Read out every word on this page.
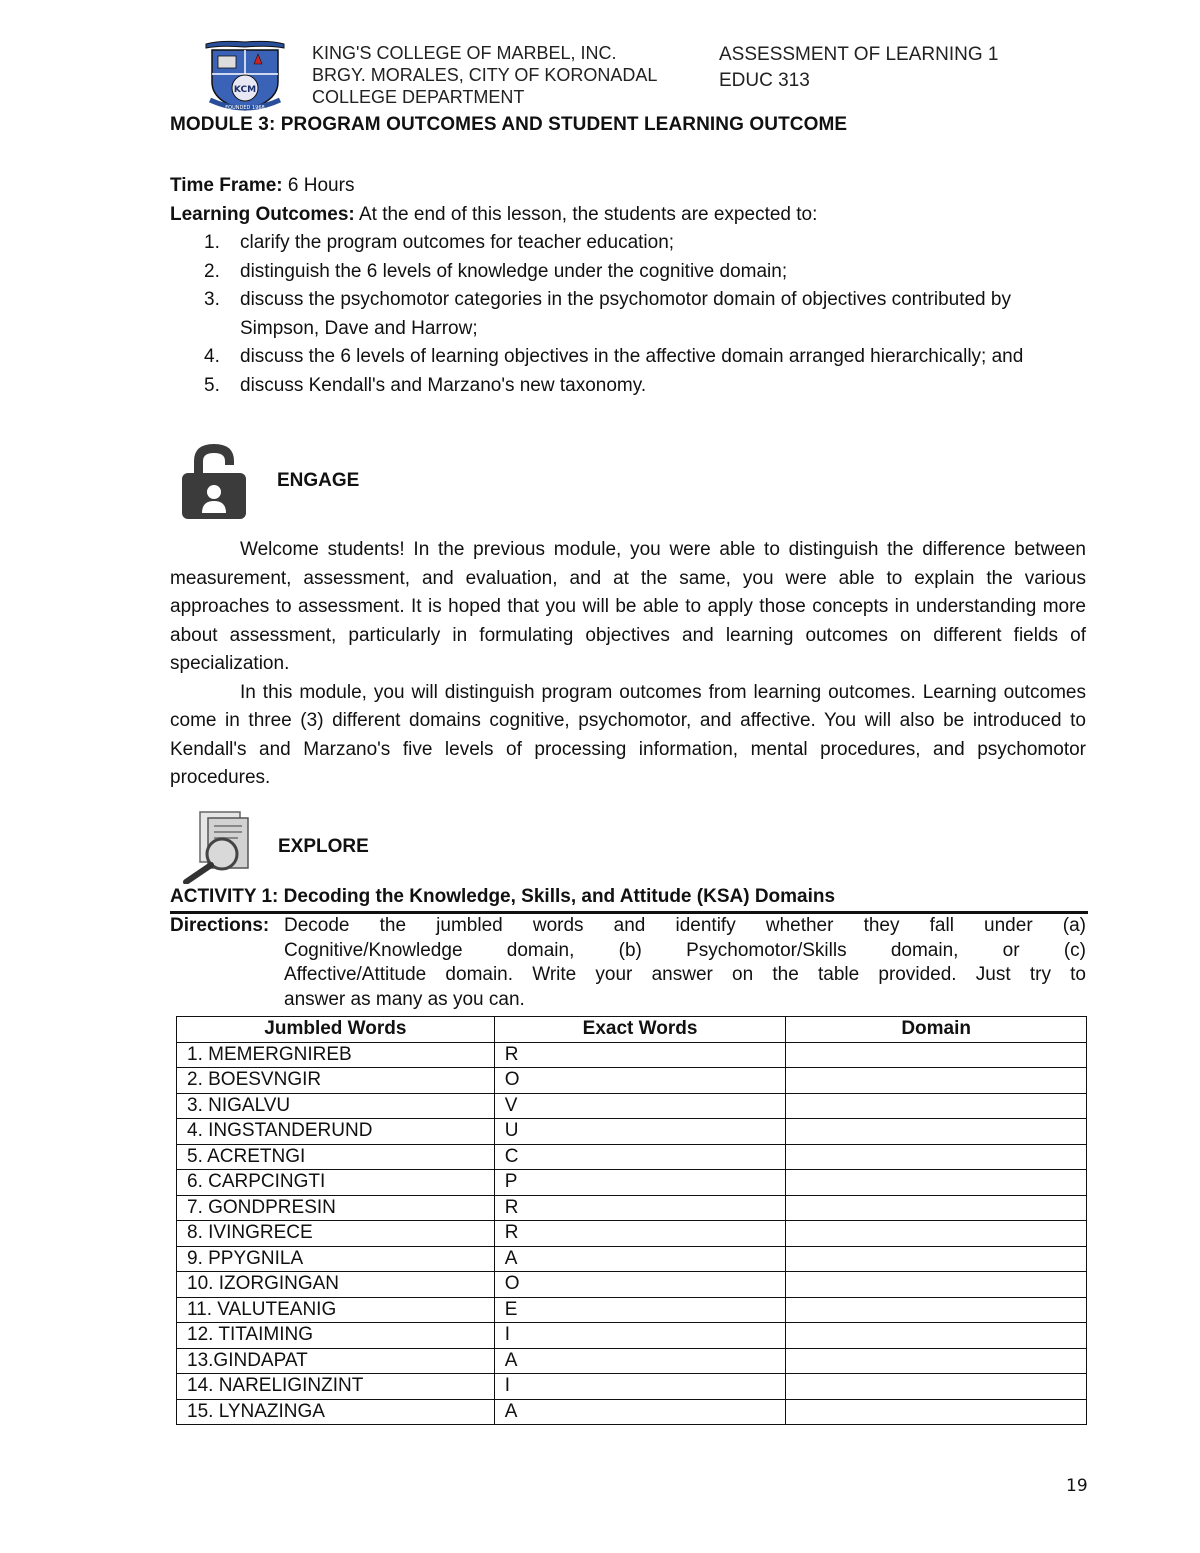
KCM
FOUNDED 1968
KING'S COLLEGE OF MARBEL, INC.
BRGY. MORALES, CITY OF KORONADAL
COLLEGE DEPARTMENT
ASSESSMENT OF LEARNING 1
EDUC 313
MODULE 3: PROGRAM OUTCOMES AND STUDENT LEARNING OUTCOME
Time Frame: 6 Hours
Learning Outcomes: At the end of this lesson, the students are expected to:
1. clarify the program outcomes for teacher education;
2. distinguish the 6 levels of knowledge under the cognitive domain;
3. discuss the psychomotor categories in the psychomotor domain of objectives contributed by Simpson, Dave and Harrow;
4. discuss the 6 levels of learning objectives in the affective domain arranged hierarchically; and
5. discuss Kendall's and Marzano's new taxonomy.
ENGAGE

Welcome students! In the previous module, you were able to distinguish the difference between measurement, assessment, and evaluation, and at the same, you were able to explain the various approaches to assessment. It is hoped that you will be able to apply those concepts in understanding more about assessment, particularly in formulating objectives and learning outcomes on different fields of specialization.

In this module, you will distinguish program outcomes from learning outcomes. Learning outcomes come in three (3) different domains cognitive, psychomotor, and affective. You will also be introduced to Kendall's and Marzano's five levels of processing information, mental procedures, and psychomotor procedures.

EXPLORE
ACTIVITY 1: Decoding the Knowledge, Skills, and Attitude (KSA) Domains
Directions: Decode the jumbled words and identify whether they fall under (a)
Cognitive/Knowledge domain, (b) Psychomotor/Skills domain, or (c)
Affective/Attitude domain. Write your answer on the table provided. Just try to
answer as many as you can.
Jumbled Words	Exact Words	Domain
1. MEMERGNIREB	R	
2. BOESVNGIR	O	
3. NIGALVU	V	
4. INGSTANDERUND	U	
5. ACRETNGI	C	
6. CARPCINGTI	P	
7. GONDPRESIN	R	
8. IVINGRECE	R	
9. PPYGNILA	A	
10. IZORGINGAN	O	
11. VALUTEANIG	E	
12. TITAIMING	I	
13.GINDAPAT	A	
14. NARELIGINZINT	I	
15. LYNAZINGA	A	
19
